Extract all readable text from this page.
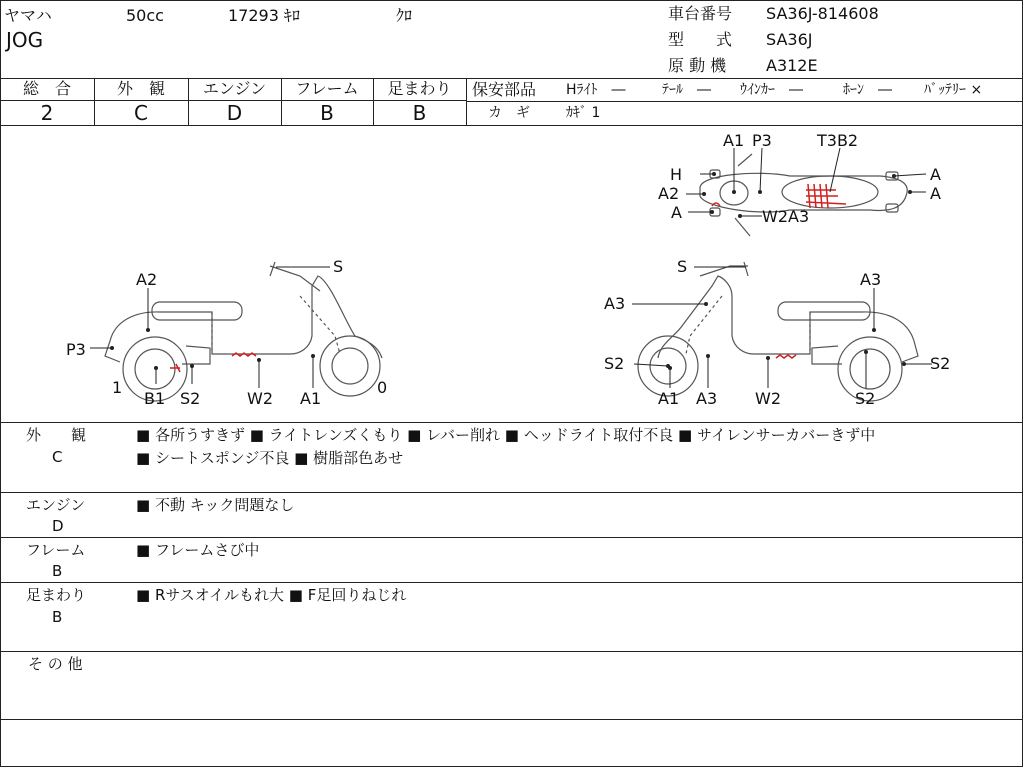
ヤマハ	50cc	17293 ｷﾛ	ｸﾛ
JOG
車台番号 SA36J-814608
型　　式 SA36J
原 動 機 A312E
総　合	外　観	エンジン	フレーム	足まわり
2	C	D	B	B
保安部品 Hﾗｲﾄ　―	ﾃｰﾙ　― ｳｲﾝｶｰ　―	ﾎｰﾝ　― ﾊﾞｯﾃﾘｰ ×
カ　ギ	ｶｷﾞ 1
A1 P3	T3B2
H
A2
A	W2A3
A
A
S
A2
P3
1
B1 S2	W2 A1
0
S
A3
A3
S2
A1 A3 W2	S2
S2
外　　観
C
■ 各所うすきず ■ ライトレンズくもり ■ レバー削れ ■ ヘッドライト取付不良 ■ サイレンサーカバーきず中
■ シートスポンジ不良 ■ 樹脂部色あせ
エンジン
D
■ 不動 キック問題なし
フレーム
B
■ フレームさび中
足まわり
B
■ Rサスオイルもれ大 ■ F足回りねじれ
そ の 他
